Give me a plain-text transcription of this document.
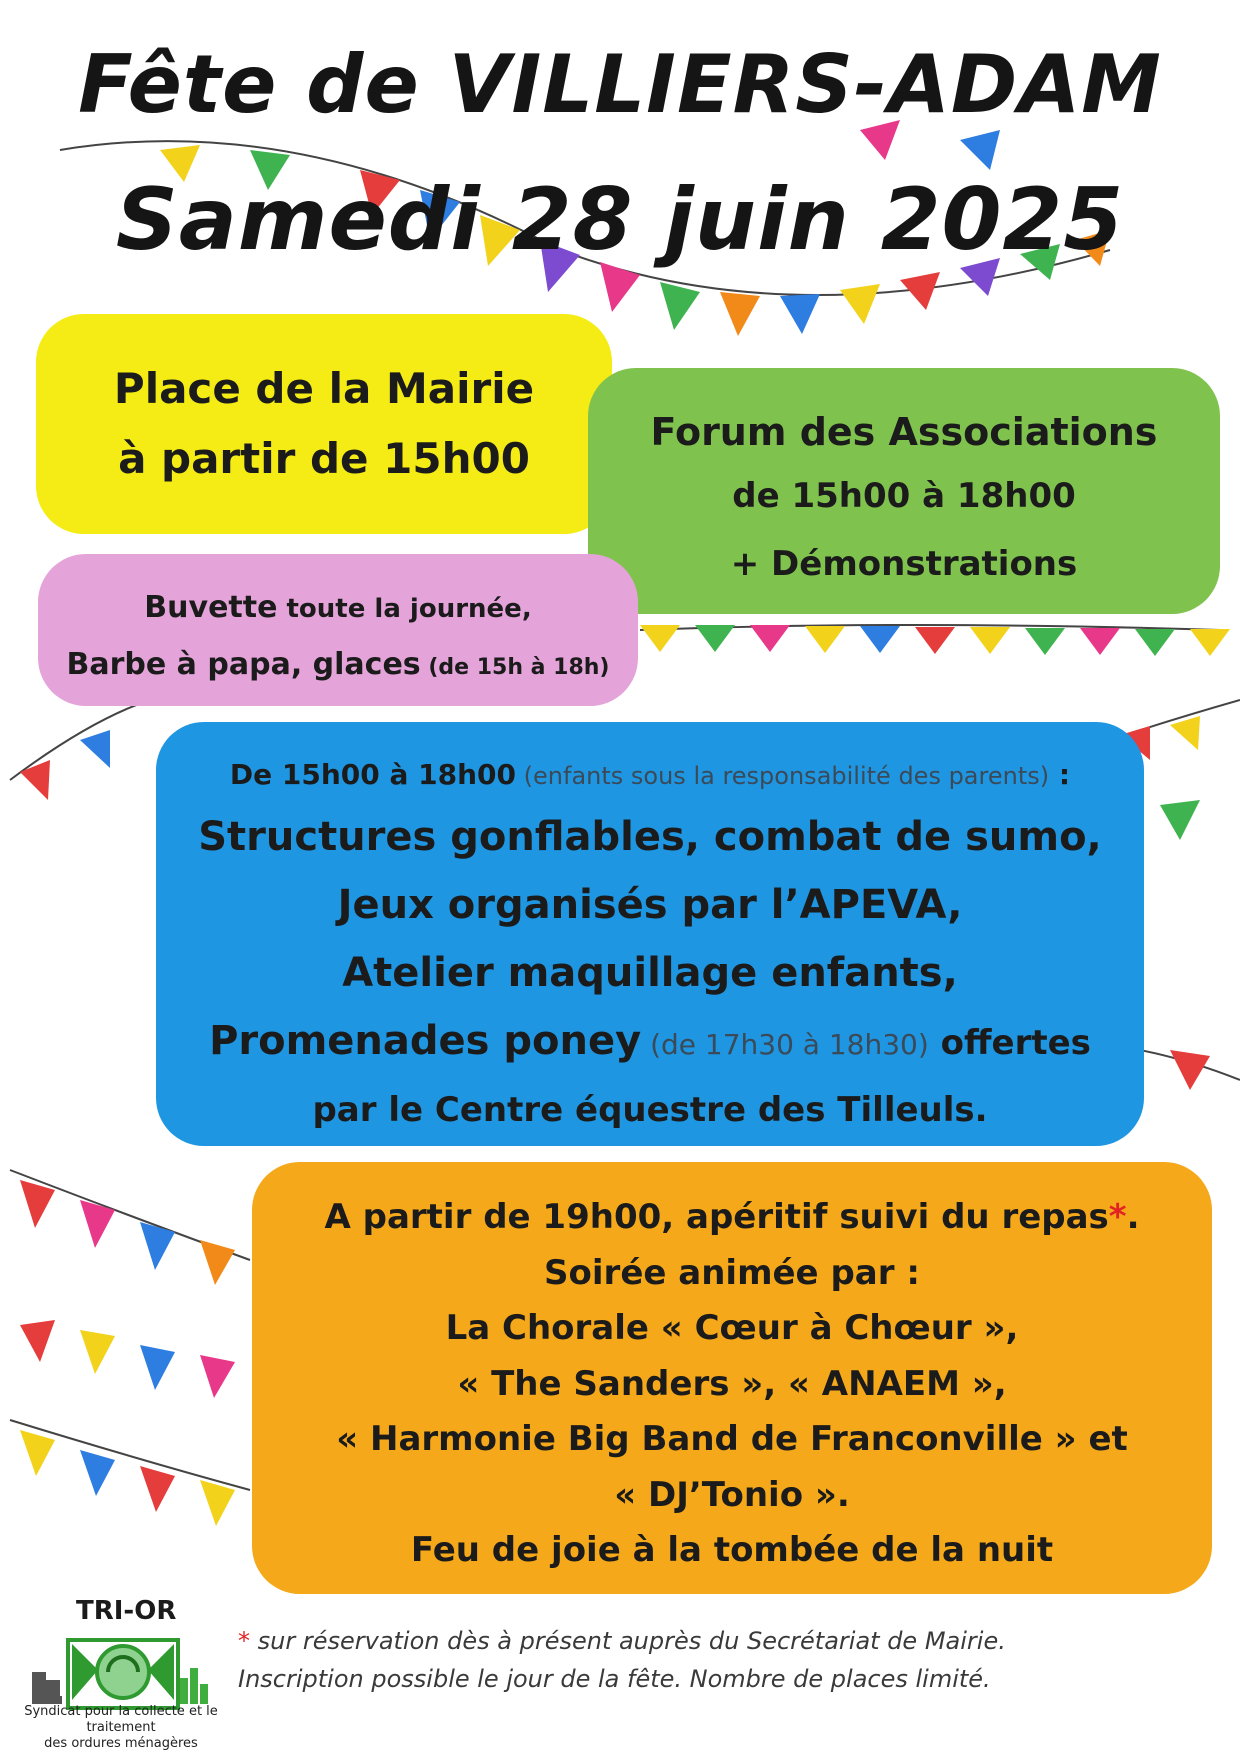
Fête de VILLIERS-ADAM
Samedi 28 juin 2025
Place de la Mairie
à partir de 15h00
Forum des Associations
de 15h00 à 18h00
+ Démonstrations
Buvette toute la journée,
Barbe à papa, glaces (de 15h à 18h)
De 15h00 à 18h00 (enfants sous la responsabilité des parents) :
Structures gonflables, combat de sumo,
Jeux organisés par l’APEVA,
Atelier maquillage enfants,
Promenades poney (de 17h30 à 18h30) offertes
par le Centre équestre des Tilleuls.
A partir de 19h00, apéritif suivi du repas*.
Soirée animée par :
La Chorale « Cœur à Chœur »,
« The Sanders », « ANAEM »,
« Harmonie Big Band de Franconville » et
« DJ’Tonio ».
Feu de joie à la tombée de la nuit
* sur réservation dès à présent auprès du Secrétariat de Mairie.
Inscription possible le jour de la fête. Nombre de places limité.
TRI-OR
Syndicat pour la collecte et le traitement
des ordures ménagères
